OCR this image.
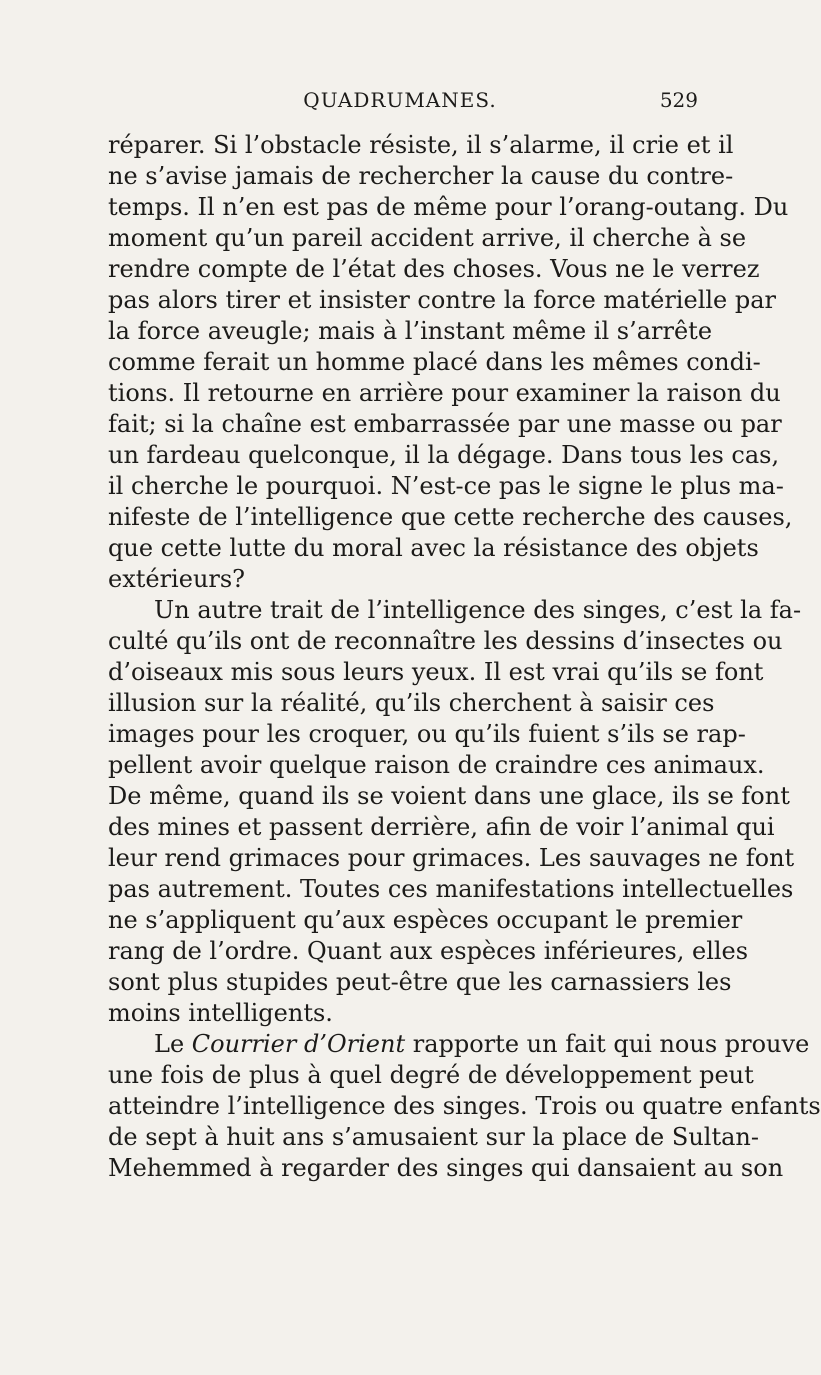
QUADRUMANES.	529
réparer. Si l’obstacle résiste, il s’alarme, il crie et il
ne s’avise jamais de rechercher la cause du contre-
temps. Il n’en est pas de même pour l’orang-outang. Du
moment qu’un pareil accident arrive, il cherche à se
rendre compte de l’état des choses. Vous ne le verrez
pas alors tirer et insister contre la force matérielle par
la force aveugle; mais à l’instant même il s’arrête
comme ferait un homme placé dans les mêmes condi-
tions. Il retourne en arrière pour examiner la raison du
fait; si la chaîne est embarrassée par une masse ou par
un fardeau quelconque, il la dégage. Dans tous les cas,
il cherche le pourquoi. N’est-ce pas le signe le plus ma-
nifeste de l’intelligence que cette recherche des causes,
que cette lutte du moral avec la résistance des objets
extérieurs?
Un autre trait de l’intelligence des singes, c’est la fa-
culté qu’ils ont de reconnaître les dessins d’insectes ou
d’oiseaux mis sous leurs yeux. Il est vrai qu’ils se font
illusion sur la réalité, qu’ils cherchent à saisir ces
images pour les croquer, ou qu’ils fuient s’ils se rap-
pellent avoir quelque raison de craindre ces animaux.
De même, quand ils se voient dans une glace, ils se font
des mines et passent derrière, afin de voir l’animal qui
leur rend grimaces pour grimaces. Les sauvages ne font
pas autrement. Toutes ces manifestations intellectuelles
ne s’appliquent qu’aux espèces occupant le premier
rang de l’ordre. Quant aux espèces inférieures, elles
sont plus stupides peut-être que les carnassiers les
moins intelligents.
Le Courrier d’Orient rapporte un fait qui nous prouve
une fois de plus à quel degré de développement peut
atteindre l’intelligence des singes. Trois ou quatre enfants
de sept à huit ans s’amusaient sur la place de Sultan-
Mehemmed à regarder des singes qui dansaient au son
